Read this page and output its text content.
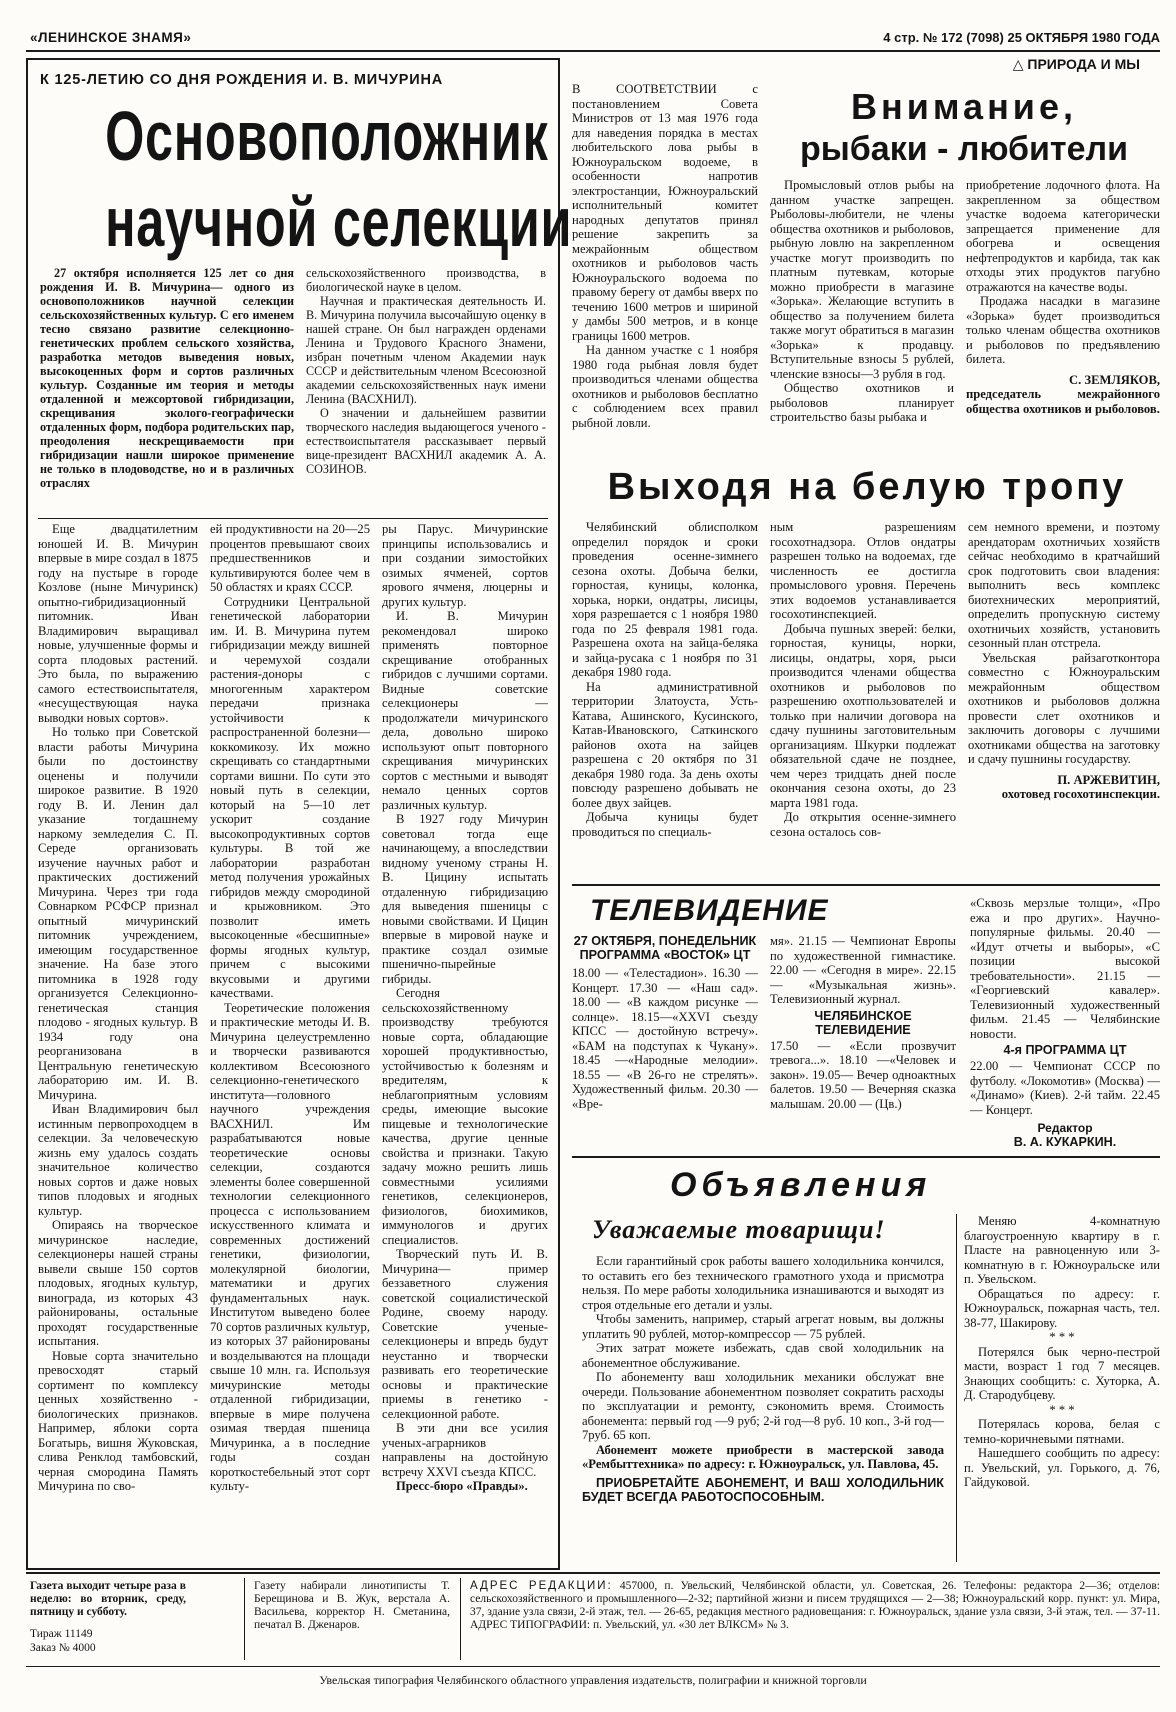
«ЛЕНИНСКОЕ ЗНАМЯ»	4 стр. № 172 (7098) 25 ОКТЯБРЯ 1980 ГОДА
△ ПРИРОДА И МЫ
К 125-ЛЕТИЮ СО ДНЯ РОЖДЕНИЯ И. В. МИЧУРИНА
Основоположник
научной селекции

27 октября исполняется 125 лет со дня рождения И. В. Мичурина— одного из основоположников научной селекции сельскохозяйственных культур. С его именем тесно связано развитие селекционно-генетических проблем сельского хозяйства, разработка методов выведения новых, высокоценных форм и сортов различных культур. Созданные им теория и методы отдаленной и межсортовой гибридизации, скрещивания эколого-географически отдаленных форм, подбора родительских пар, преодоления нескрещиваемости при гибридизации нашли широкое применение не только в плодоводстве, но и в различных отраслях

сельскохозяйственного производства, в биологической науке в целом.

Научная и практическая деятельность И. В. Мичурина получила высочайшую оценку в нашей стране. Он был награжден орденами Ленина и Трудового Красного Знамени, избран почетным членом Академии наук СССР и действительным членом Всесоюзной академии сельскохозяйственных наук имени Ленина (ВАСХНИЛ).

О значении и дальнейшем развитии творческого наследия выдающегося ученого - естествоиспытателя рассказывает первый вице-президент ВАСХНИЛ академик А. А. СОЗИНОВ.

Еще двадцатилетним юношей И. В. Мичурин впервые в мире создал в 1875 году на пустыре в городе Козлове (ныне Мичуринск) опытно-гибридизационный питомник. Иван Владимирович выращивал новые, улучшенные формы и сорта плодовых растений. Это была, по выражению самого естествоиспытателя, «несуществующая наука выводки новых сортов».

Но только при Советской власти работы Мичурина были по достоинству оценены и получили широкое развитие. В 1920 году В. И. Ленин дал указание тогдашнему наркому земледелия С. П. Середе организовать изучение научных работ и практических достижений Мичурина. Через три года Совнарком РСФСР признал опытный мичуринский питомник учреждением, имеющим государственное значение. На базе этого питомника в 1928 году организуется Селекционно-генетическая станция плодово - ягодных культур. В 1934 году она реорганизована в Центральную генетическую лабораторию им. И. В. Мичурина.

Иван Владимирович был истинным первопроходцем в селекции. За человеческую жизнь ему удалось создать значительное количество новых сортов и даже новых типов плодовых и ягодных культур.

Опираясь на творческое мичуринское наследие, селекционеры нашей страны вывели свыше 150 сортов плодовых, ягодных культур, винограда, из которых 43 районированы, остальные проходят государственные испытания.

Новые сорта значительно превосходят старый сортимент по комплексу ценных хозяйственно - биологических признаков. Например, яблоки сорта Богатырь, вишня Жуковская, слива Ренклод тамбовский, черная смородина Память Мичурина по сво-

ей продуктивности на 20—25 процентов превышают своих предшественников и культивируются более чем в 50 областях и краях СССР.

Сотрудники Центральной генетической лаборатории им. И. В. Мичурина путем гибридизации между вишней и черемухой создали растения-доноры с многогенным характером передачи признака устойчивости к распространенной болезни—коккомикозу. Их можно скрещивать со стандартными сортами вишни. По сути это новый путь в селекции, который на 5—10 лет ускорит создание высокопродуктивных сортов культуры. В той же лаборатории разработан метод получения урожайных гибридов между смородиной и крыжовником. Это позволит иметь высокоценные «бесшипные» формы ягодных культур, причем с высокими вкусовыми и другими качествами.

Теоретические положения и практические методы И. В. Мичурина целеустремленно и творчески развиваются коллективом Всесоюзного селекционно-генетического института—головного научного учреждения ВАСХНИЛ. Им разрабатываются новые теоретические основы селекции, создаются элементы более совершенной технологии селекционного процесса с использованием искусственного климата и современных достижений генетики, физиологии, молекулярной биологии, математики и других фундаментальных наук. Институтом выведено более 70 сортов различных культур, из которых 37 районированы и возделываются на площади свыше 10 млн. га. Используя мичуринские методы отдаленной гибридизации, впервые в мире получена озимая твердая пшеница Мичуринка, а в последние годы создан короткостебельный этот сорт культу-

ры Парус. Мичуринские принципы использовались и при создании зимостойких озимых ячменей, сортов ярового ячменя, люцерны и других культур.

И. В. Мичурин рекомендовал широко применять повторное скрещивание отобранных гибридов с лучшими сортами. Видные советские селекционеры — продолжатели мичуринского дела, довольно широко используют опыт повторного скрещивания мичуринских сортов с местными и выводят немало ценных сортов различных культур.

В 1927 году Мичурин советовал тогда еще начинающему, а впоследствии видному ученому страны Н. В. Цицину испытать отдаленную гибридизацию для выведения пшеницы с новыми свойствами. И Цицин впервые в мировой науке и практике создал озимые пшенично-пырейные гибриды.

Сегодня сельскохозяйственному производству требуются новые сорта, обладающие хорошей продуктивностью, устойчивостью к болезням и вредителям, к неблагоприятным условиям среды, имеющие высокие пищевые и технологические качества, другие ценные свойства и признаки. Такую задачу можно решить лишь совместными усилиями генетиков, селекционеров, физиологов, биохимиков, иммунологов и других специалистов.

Творческий путь И. В. Мичурина— пример беззаветного служения советской социалистической Родине, своему народу. Советские ученые-селекционеры и впредь будут неустанно и творчески развивать его теоретические основы и практические приемы в генетико - селекционной работе.

В эти дни все усилия ученых-аграрников направлены на достойную встречу XXVI съезда КПСС.

Пресс-бюро «Правды».

В СООТВЕТСТВИИ с постановлением Совета Министров от 13 мая 1976 года для наведения порядка в местах любительского лова рыбы в Южноуральском водоеме, в особенности напротив электростанции, Южноуральский исполнительный комитет народных депутатов принял решение закрепить за межрайонным обществом охотников и рыболовов часть Южноуральского водоема по правому берегу от дамбы вверх по течению 1600 метров и шириной у дамбы 500 метров, и в конце границы 1600 метров.

На данном участке с 1 ноября 1980 года рыбная ловля будет производиться членами общества охотников и рыболовов бесплатно с соблюдением всех правил рыбной ловли.

Внимание,
рыбаки - любители

Промысловый отлов рыбы на данном участке запрещен. Рыболовы-любители, не члены общества охотников и рыболовов, рыбную ловлю на закрепленном участке могут производить по платным путевкам, которые можно приобрести в магазине «Зорька». Желающие вступить в общество за получением билета также могут обратиться в магазин «Зорька» к продавцу. Вступительные взносы 5 рублей, членские взносы—3 рубля в год.

Общество охотников и рыболовов планирует строительство базы рыбака и

приобретение лодочного флота. На закрепленном за обществом участке водоема категорически запрещается применение для обогрева и освещения нефтепродуктов и карбида, так как отходы этих продуктов пагубно отражаются на качестве воды.

Продажа насадки в магазине «Зорька» будет производиться только членам общества охотников и рыболовов по предъявлению билета.

С. ЗЕМЛЯКОВ,
председатель межрайонного общества охотников и рыболовов.
Выходя на белую тропу

Челябинский облисполком определил порядок и сроки проведения осенне-зимнего сезона охоты. Добыча белки, горностая, куницы, колонка, хорька, норки, ондатры, лисицы, хоря разрешается с 1 ноября 1980 года по 25 февраля 1981 года. Разрешена охота на зайца-беляка и зайца-русака с 1 ноября по 31 декабря 1980 года.

На административной территории Златоуста, Усть-Катава, Ашинского, Кусинского, Катав-Ивановского, Саткинского районов охота на зайцев разрешена с 20 октября по 31 декабря 1980 года. За день охоты повсюду разрешено добывать не более двух зайцев.

Добыча куницы будет проводиться по специаль-

ным разрешениям госохотнадзора. Отлов ондатры разрешен только на водоемах, где численность ее достигла промыслового уровня. Перечень этих водоемов устанавливается госохотинспекцией.

Добыча пушных зверей: белки, горностая, куницы, норки, лисицы, ондатры, хоря, рыси производится членами общества охотников и рыболовов по разрешению охотпользователей и только при наличии договора на сдачу пушнины заготовительным организациям. Шкурки подлежат обязательной сдаче не позднее, чем через тридцать дней после окончания сезона охоты, до 23 марта 1981 года.

До открытия осенне-зимнего сезона осталось сов-

сем немного времени, и поэтому арендаторам охотничьих хозяйств сейчас необходимо в кратчайший срок подготовить свои владения: выполнить весь комплекс биотехнических мероприятий, определить пропускную систему охотничьих хозяйств, установить сезонный план отстрела.

Увельская райзаготконтора совместно с Южноуральским межрайонным обществом охотников и рыболовов должна провести слет охотников и заключить договоры с лучшими охотниками общества на заготовку и сдачу пушнины государству.

П. АРЖЕВИТИН,
охотовед госохотинспекции.
ТЕЛЕВИДЕНИЕ
27 ОКТЯБРЯ, ПОНЕДЕЛЬНИК ПРОГРАММА «ВОСТОК» ЦТ
18.00 — «Телестадион». 16.30 — Концерт. 17.30 — «Наш сад». 18.00 — «В каждом рисунке — солнце». 18.15—«XXVI съезду КПСС — достойную встречу». «БАМ на подступах к Чукану». 18.45 —«Народные мелодии». 18.55 — «В 26-го не стрелять». Художественный фильм. 20.30 — «Вре-
мя». 21.15 — Чемпионат Европы по художественной гимнастике. 22.00 — «Сегодня в мире». 22.15 — «Музыкальная жизнь». Телевизионный журнал.
ЧЕЛЯБИНСКОЕ ТЕЛЕВИДЕНИЕ
17.50 — «Если прозвучит тревога...». 18.10 —«Человек и закон». 19.05— Вечер одноактных балетов. 19.50 — Вечерняя сказка малышам. 20.00 — (Цв.)
«Сквозь мерзлые толщи», «Про ежа и про других». Научно-популярные фильмы. 20.40 — «Идут отчеты и выборы», «С позиции высокой требовательности». 21.15 — «Георгиевский кавалер». Телевизионный художественный фильм. 21.45 — Челябинские новости.
4-я ПРОГРАММА ЦТ
22.00 — Чемпионат СССР по футболу. «Локомотив» (Москва) — «Динамо» (Киев). 2-й тайм. 22.45 — Концерт.
Редактор
В. А. КУКАРКИН.
Объявления
Уважаемые товарищи!

Если гарантийный срок работы вашего холодильника кончился, то оставить его без технического грамотного ухода и присмотра нельзя. По мере работы холодильника изнашиваются и выходят из строя отдельные его детали и узлы.

Чтобы заменить, например, старый агрегат новым, вы должны уплатить 90 рублей, мотор-компрессор — 75 рублей.

Этих затрат можете избежать, сдав свой холодильник на абонементное обслуживание.

По абонементу ваш холодильник механики обслужат вне очереди. Пользование абонементном позволяет сократить расходы по эксплуатации и ремонту, сэкономить время. Стоимость абонемента: первый год —9 руб; 2-й год—8 руб. 10 коп., 3-й год—7руб. 65 коп.

Абонемент можете приобрести в мастерской завода «Рембыттехника» по адресу: г. Южноуральск, ул. Павлова, 45.

ПРИОБРЕТАЙТЕ АБОНЕМЕНТ, И ВАШ ХОЛОДИЛЬНИК БУДЕТ ВСЕГДА РАБОТОСПОСОБНЫМ.

Меняю 4-комнатную благоустроенную квартиру в г. Пласте на равноценную или 3-комнатную в г. Южноуральске или п. Увельском.

Обращаться по адресу: г. Южноуральск, пожарная часть, тел. 38-77, Шакирову.

* * *

Потерялся бык черно-пестрой масти, возраст 1 год 7 месяцев. Знающих сообщить: с. Хуторка, А. Д. Стародубцеву.

* * *

Потерялась корова, белая с темно-коричневыми пятнами.

Нашедшего сообщить по адресу: п. Увельский, ул. Горького, д. 76, Гайдуковой.

Газета выходит четыре раза в неделю: во вторник, среду, пятницу и субботу.
Тираж 11149
Заказ № 4000
Газету набирали линотиписты Т. Берещинова и В. Жук, верстала А. Васильева, корректор Н. Сметанина, печатал В. Дженаров.
АДРЕС РЕДАКЦИИ: 457000, п. Увельский, Челябинской области, ул. Советская, 26. Телефоны: редактора 2—36; отделов: сельскохозяйственного и промышленного—2-32; партийной жизни и писем трудящихся — 2—38; Южноуральский корр. пункт: ул. Мира, 37, здание узла связи, 2-й этаж, тел. — 26-65, редакция местного радиовещания: г. Южноуральск, здание узла связи, 3-й этаж, тел. — 37-11. АДРЕС ТИПОГРАФИИ: п. Увельский, ул. «30 лет ВЛКСМ» № 3.
Увельская типография Челябинского областного управления издательств, полиграфии и книжной торговли
